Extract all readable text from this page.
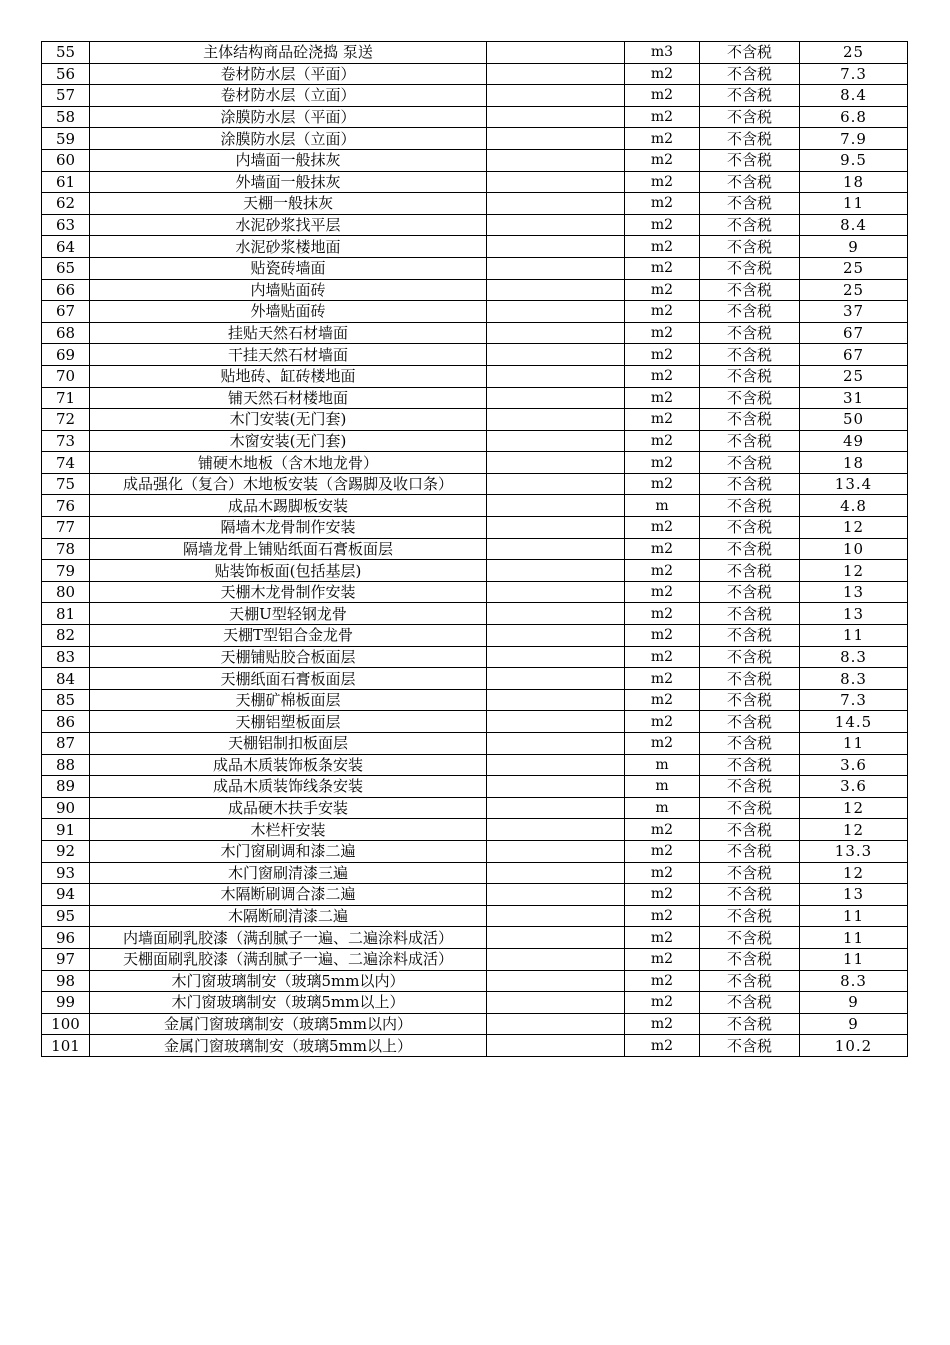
55	主体结构商品砼浇捣 泵送		m3	不含税	25
56	卷材防水层（平面）		m2	不含税	7.3
57	卷材防水层（立面）		m2	不含税	8.4
58	涂膜防水层（平面）		m2	不含税	6.8
59	涂膜防水层（立面）		m2	不含税	7.9
60	内墙面一般抹灰		m2	不含税	9.5
61	外墙面一般抹灰		m2	不含税	18
62	天棚一般抹灰		m2	不含税	11
63	水泥砂浆找平层		m2	不含税	8.4
64	水泥砂浆楼地面		m2	不含税	9
65	贴瓷砖墙面		m2	不含税	25
66	内墙贴面砖		m2	不含税	25
67	外墙贴面砖		m2	不含税	37
68	挂贴天然石材墙面		m2	不含税	67
69	干挂天然石材墙面		m2	不含税	67
70	贴地砖、缸砖楼地面		m2	不含税	25
71	铺天然石材楼地面		m2	不含税	31
72	木门安装(无门套)		m2	不含税	50
73	木窗安装(无门套)		m2	不含税	49
74	铺硬木地板（含木地龙骨）		m2	不含税	18
75	成品强化（复合）木地板安装（含踢脚及收口条）		m2	不含税	13.4
76	成品木踢脚板安装		m	不含税	4.8
77	隔墙木龙骨制作安装		m2	不含税	12
78	隔墙龙骨上铺贴纸面石膏板面层		m2	不含税	10
79	贴装饰板面(包括基层)		m2	不含税	12
80	天棚木龙骨制作安装		m2	不含税	13
81	天棚U型轻钢龙骨		m2	不含税	13
82	天棚T型铝合金龙骨		m2	不含税	11
83	天棚铺贴胶合板面层		m2	不含税	8.3
84	天棚纸面石膏板面层		m2	不含税	8.3
85	天棚矿棉板面层		m2	不含税	7.3
86	天棚铝塑板面层		m2	不含税	14.5
87	天棚铝制扣板面层		m2	不含税	11
88	成品木质装饰板条安装		m	不含税	3.6
89	成品木质装饰线条安装		m	不含税	3.6
90	成品硬木扶手安装		m	不含税	12
91	木栏杆安装		m2	不含税	12
92	木门窗刷调和漆二遍		m2	不含税	13.3
93	木门窗刷清漆三遍		m2	不含税	12
94	木隔断刷调合漆二遍		m2	不含税	13
95	木隔断刷清漆二遍		m2	不含税	11
96	内墙面刷乳胶漆（满刮腻子一遍、二遍涂料成活）		m2	不含税	11
97	天棚面刷乳胶漆（满刮腻子一遍、二遍涂料成活）		m2	不含税	11
98	木门窗玻璃制安（玻璃5mm以内）		m2	不含税	8.3
99	木门窗玻璃制安（玻璃5mm以上）		m2	不含税	9
100	金属门窗玻璃制安（玻璃5mm以内）		m2	不含税	9
101	金属门窗玻璃制安（玻璃5mm以上）		m2	不含税	10.2
